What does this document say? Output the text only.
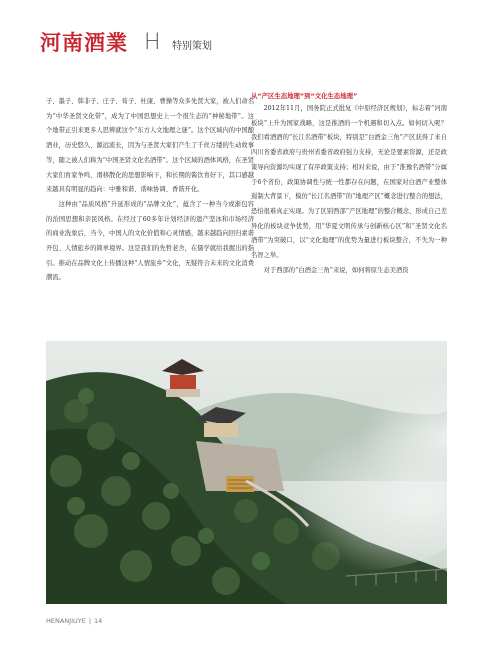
河南酒業 H	特别策划

子、墨子、韩非子、庄子、荀子、杜康、曹操等众多先贤大家，被人们命名为“中华圣贤文化带”，成为了中国思想史上一个很生态的“神秘地带”。这个地带正引来更多人思辨就这个“东方人文地理之谜”。这个区域内的中国酿酒业，历史悠久、源远流长，因为与圣贤大家们产生了千丝万缕的生动故事等，随之被人们称为“中国圣贤文化名酒带”。这个区域的酒体风格，在圣贤大家们育家争鸣、滑移散化的思想影响下，和长期的酱饮育好下，其口感越来越具有明显的趋向：中雅和谐、谐味协调、香谐开化。

这种由“品质风格”升延形成的“品牌文化”，蕴含了一种当今或渐包容的治国思想和亲民风格。在经过了60多年计划经济的遗产坚冰和市场经济的商业洗象后，当今，中国人的文化价值和心灵情感，越来越趋向回归素谐开包、人情旅乡的简单境界。这是我们的先哲老舍，在儒学就给我握出的指引。推动在品牌文化上传播这种“人情旅乡”文化，无疑符合未来的文化消费潮流。

从“产区生态地理”到“文化生态地理”

2012年11月，国务院正式批复《中原经济区规划》，标志着“河南板块”上升为国家战略，这是推酒的一个机遇和切入点。如何切入呢？我们看酒酒的“长江名酒带”板块，特别是“白酒金三角”产区获得了来自四川省委省政府与贵州省委省政府强力支持，无论是要素资源，还是政策导向资源均实现了有序政策支持；相对来说，由于“淮豫名酒带”分属于6个省份，政策协调性与统一性都存在问题，在国家对白酒产业整体遏制大背景下，模仿“长江名酒带”的“地理产区”概念进行整合的想法，恐怕很难真正实现。为了区别西部“产区地理”的整合概念，形成自己差异化的板块竞争优势，用“华夏文明传承与创新核心区”和“圣贤文化名酒带”为突破口，以“文化地理”的优势为量进行板块整合，不失为一种名智之举。

对于西部的“白酒金三角”来说，如何将原生态美酒资

HENANJIUYE | 14
